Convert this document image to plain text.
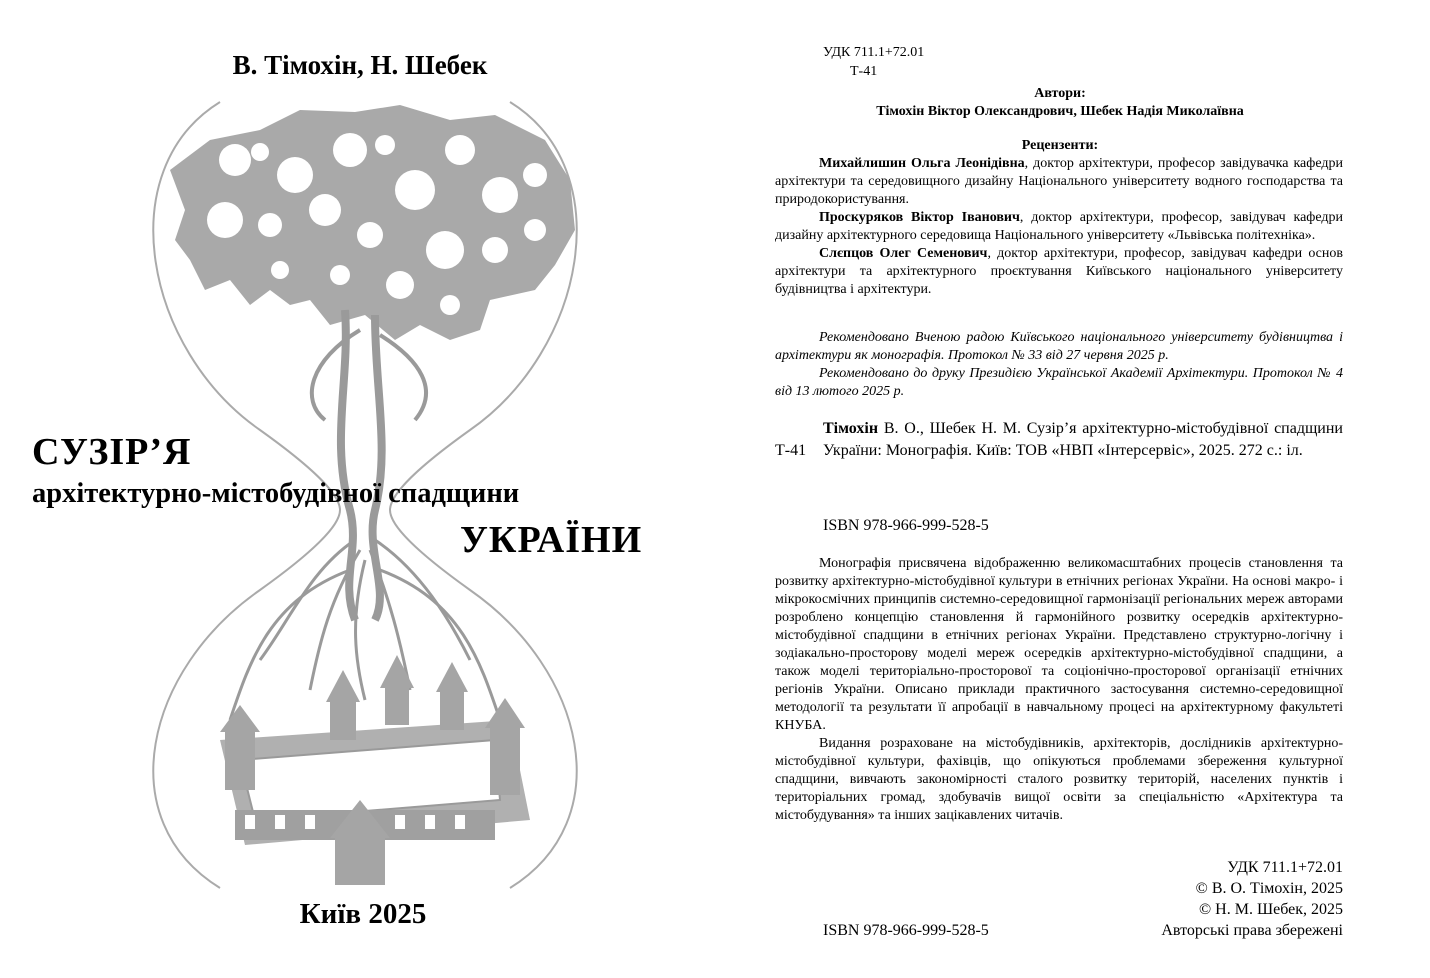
В. Тімохін, Н. Шебек
СУЗІР’Я
архітектурно-містобудівної спадщини
УКРАЇНИ
Київ 2025
УДК 711.1+72.01
Т-41
Автори:
Тімохін Віктор Олександрович, Шебек Надія Миколаївна
Рецензенти:

Михайлишин Ольга Леонідівна, доктор архітектури, професор завідувачка кафедри архітектури та середовищного дизайну Національного університету водного господарства та природокористування.

Проскуряков Віктор Іванович, доктор архітектури, професор, завідувач кафедри дизайну архітектурного середовища Національного університету «Львівська політехніка».

Слєпцов Олег Семенович, доктор архітектури, професор, завідувач кафедри основ архітектури та архітектурного проєктування Київського національного університету будівництва і архітектури.

Рекомендовано Вченою радою Київського національного університету будівництва і архітектури як монографія. Протокол № 33 від 27 червня 2025 р.

Рекомендовано до друку Президією Української Академії Архітектури. Протокол № 4 від 13 лютого 2025 р.

Т-41
Тімохін В. О., Шебек Н. М. Сузір’я архітектурно-містобудівної спадщини України: Монографія. Київ: ТОВ «НВП «Інтерсервіс», 2025. 272 с.: іл.
ISBN 978-966-999-528-5

Монографія присвячена відображенню великомасштабних процесів становлення та розвитку архітектурно-містобудівної культури в етнічних регіонах України. На основі макро- і мікрокосмічних принципів системно-середовищної гармонізації регіональних мереж авторами розроблено концепцію становлення й гармонійного розвитку осередків архітектурно-містобудівної спадщини в етнічних регіонах України. Представлено структурно-логічну і зодіакально-просторову моделі мереж осередків архітектурно-містобудівної спадщини, а також моделі територіально-просторової та соціонічно-просторової організації етнічних регіонів України. Описано приклади практичного застосування системно-середовищної методології та результати її апробації в навчальному процесі на архітектурному факультеті КНУБА.

Видання розраховане на містобудівників, архітекторів, дослідників архітектурно-містобудівної культури, фахівців, що опікуються проблемами збереження культурної спадщини, вивчають закономірності сталого розвитку територій, населених пунктів і територіальних громад, здобувачів вищої освіти за спеціальністю «Архітектура та містобудування» та інших зацікавлених читачів.

УДК 711.1+72.01
© В. О. Тімохін, 2025
© Н. М. Шебек, 2025
ISBN 978-966-999-528-5	Авторські права збережені
